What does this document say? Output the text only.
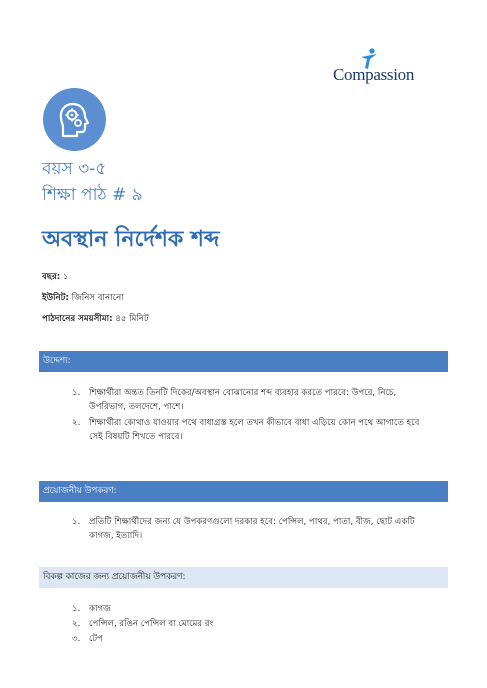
Compassion
বয়স ৩-৫
শিক্ষা পাঠ # ৯
অবস্থান নির্দেশক শব্দ
বছর: ১
ইউনিট: জিনিস বানানো
পাঠদানের সময়সীমা: ৪৫ মিনিট
উদ্দেশ্য:
১. শিক্ষার্থীরা অন্তত তিনটি দিকের/অবস্থান বোঝানোর শব্দ ব্যবহার করতে পারবে: উপরে, নিচে, উপরিভাগ, তলদেশে, পাশে।
২. শিক্ষার্থীরা কোথাও যাওয়ার পথে বাধাগ্রস্ত হলে তখন কীভাবে বাধা এড়িয়ে কোন পথে আগাতে হবে সেই বিষয়টি শিখতে পারবে।
প্রয়োজনীয় উপকরণ:
১. প্রতিটি শিক্ষার্থীদের জন্য যে উপকরণগুলো দরকার হবে: পেন্সিল, পাথর, পাতা, বীজ, ছোট একটি কাগজ, ইত্যাদি।
বিকল্প কাজের জন্য প্রয়োজনীয় উপকরণ:
১. কাগজ
২. পেন্সিল, রঙিন পেন্সিল বা মোমের রং
৩. টেপ
